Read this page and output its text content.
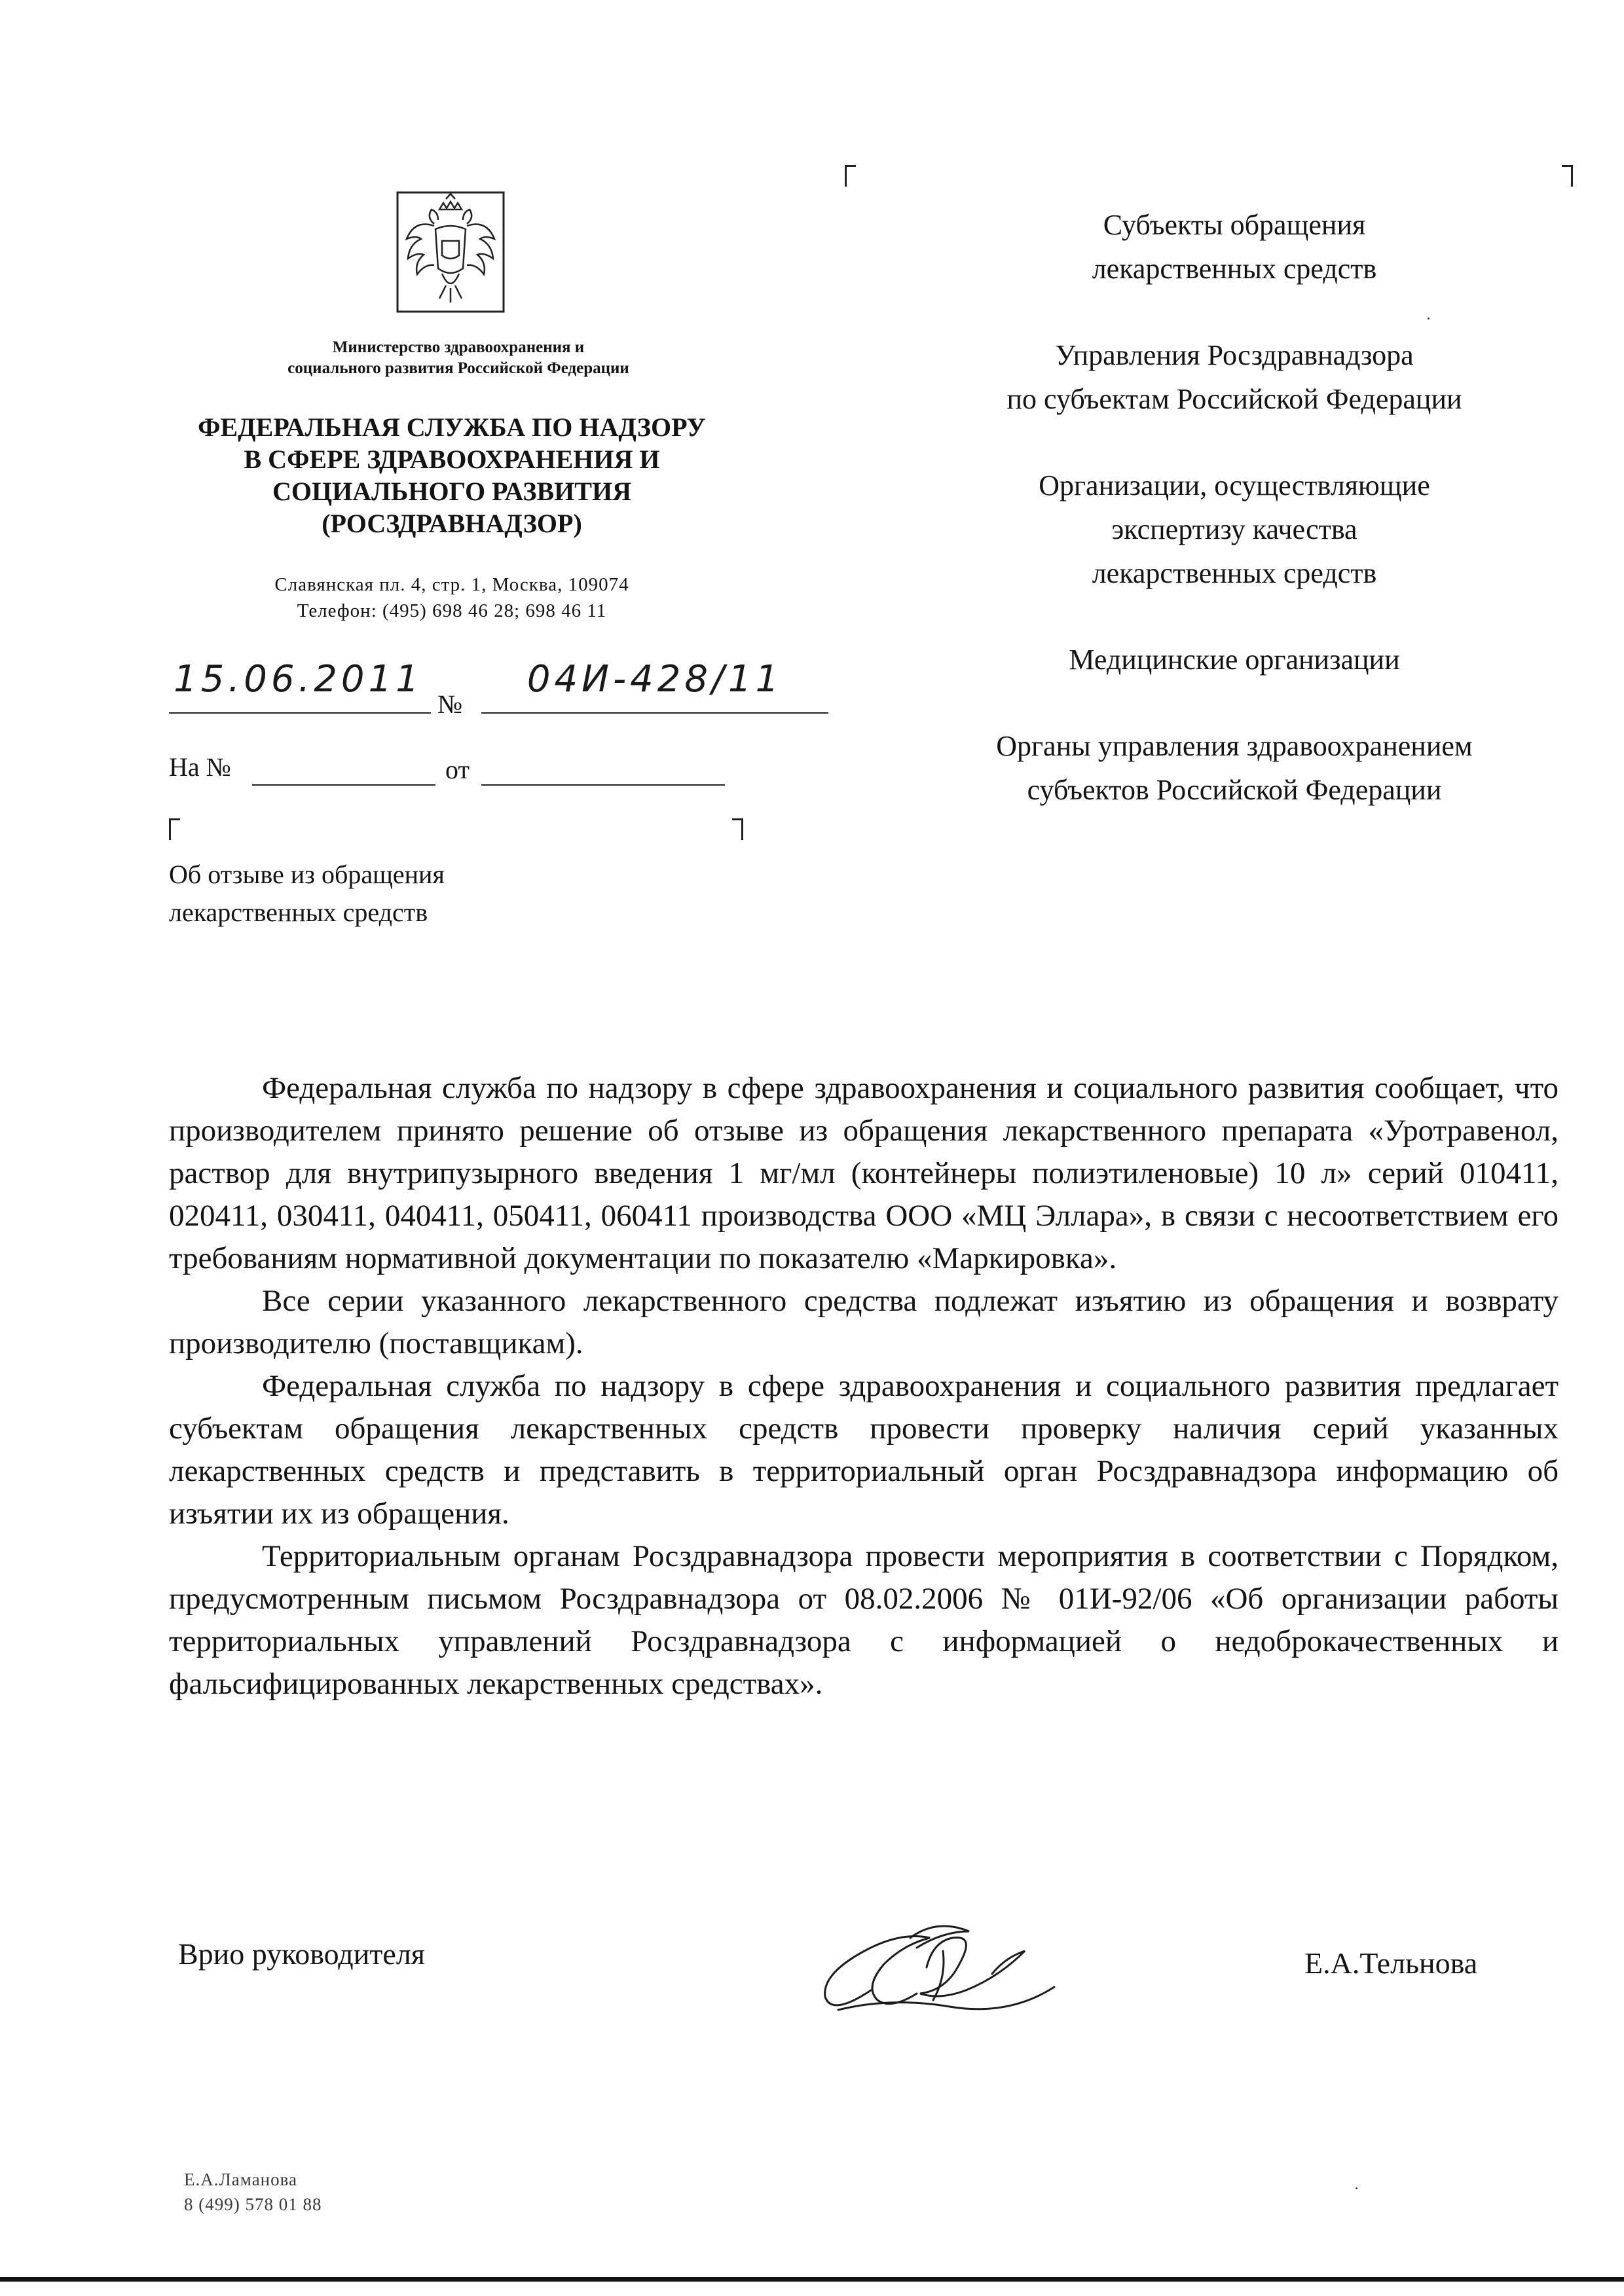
Министерство здравоохранения и
социального развития Российской Федерации
ФЕДЕРАЛЬНАЯ СЛУЖБА ПО НАДЗОРУ
В СФЕРЕ ЗДРАВООХРАНЕНИЯ И
СОЦИАЛЬНОГО РАЗВИТИЯ
(РОСЗДРАВНАДЗОР)
Славянская пл. 4, стр. 1, Москва, 109074
Телефон: (495) 698 46 28; 698 46 11
15.06.2011
№
04И-428/11
На №	от
Об отзыве из обращения
лекарственных средств
Субъекты обращения
лекарственных средств
Управления Росздравнадзора
по субъектам Российской Федерации
Организации, осуществляющие
экспертизу качества
лекарственных средств
Медицинские организации
Органы управления здравоохранением
субъектов Российской Федерации

Федеральная служба по надзору в сфере здравоохранения и социального развития сообщает, что производителем принято решение об отзыве из обращения лекарственного препарата «Уротравенол, раствор для внутрипузырного введения 1 мг/мл (контейнеры полиэтиленовые) 10 л» серий 010411, 020411, 030411, 040411, 050411, 060411 производства ООО «МЦ Эллара», в связи с несоответствием его требованиям нормативной документации по показателю «Маркировка».

Все серии указанного лекарственного средства подлежат изъятию из обращения и возврату производителю (поставщикам).

Федеральная служба по надзору в сфере здравоохранения и социального развития предлагает субъектам обращения лекарственных средств провести проверку наличия серий указанных лекарственных средств и представить в территориальный орган Росздравнадзора информацию об изъятии их из обращения.

Территориальным органам Росздравнадзора провести мероприятия в соответствии с Порядком, предусмотренным письмом Росздравнадзора от 08.02.2006 № 01И-92/06 «Об организации работы территориальных управлений Росздравнадзора с информацией о недоброкачественных и фальсифицированных лекарственных средствах».

Врио руководителя	Е.А.Тельнова
Е.А.Ламанова
8 (499) 578 01 88
